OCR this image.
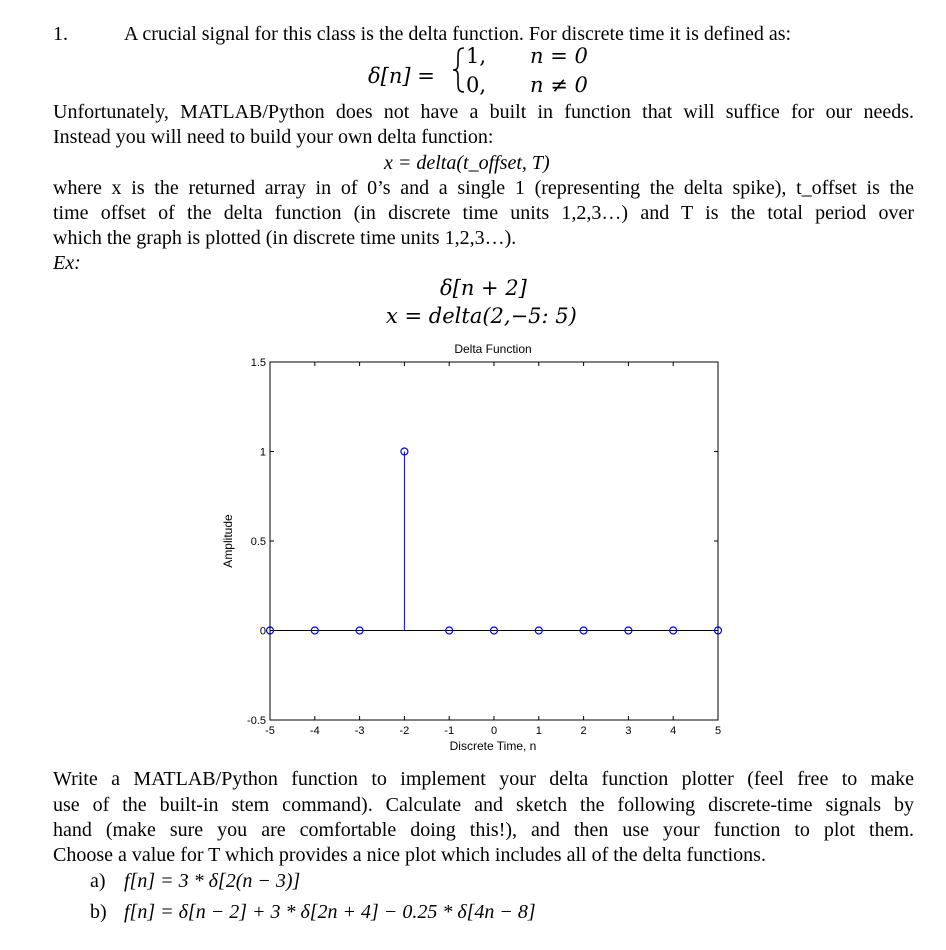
1.	A crucial signal for this class is the delta function. For discrete time it is defined as:
δ[n] =
1, n = 0
0, n ≠ 0
Unfortunately, MATLAB/Python does not have a built in function that will suffice for our needs.
Instead you will need to build your own delta function:
x = delta(t_offset, T)
where x is the returned array in of 0’s and a single 1 (representing the delta spike), t_offset is the
time offset of the delta function (in discrete time units 1,2,3…) and T is the total period over
which the graph is plotted (in discrete time units 1,2,3…).
Ex:
δ[n + 2]
x = delta(2,−5: 5)
Delta Function
Discrete Time, n
Amplitude
-5	-4	-3	-2	-1	0	1	2	3	4	5
-0.5
0
0.5
1
1.5
Write a MATLAB/Python function to implement your delta function plotter (feel free to make
use of the built-in stem command). Calculate and sketch the following discrete-time signals by
hand (make sure you are comfortable doing this!), and then use your function to plot them.
Choose a value for T which provides a nice plot which includes all of the delta functions.
a) f[n] = 3 * δ[2(n − 3)]
b) f[n] = δ[n − 2] + 3 * δ[2n + 4] − 0.25 * δ[4n − 8]
